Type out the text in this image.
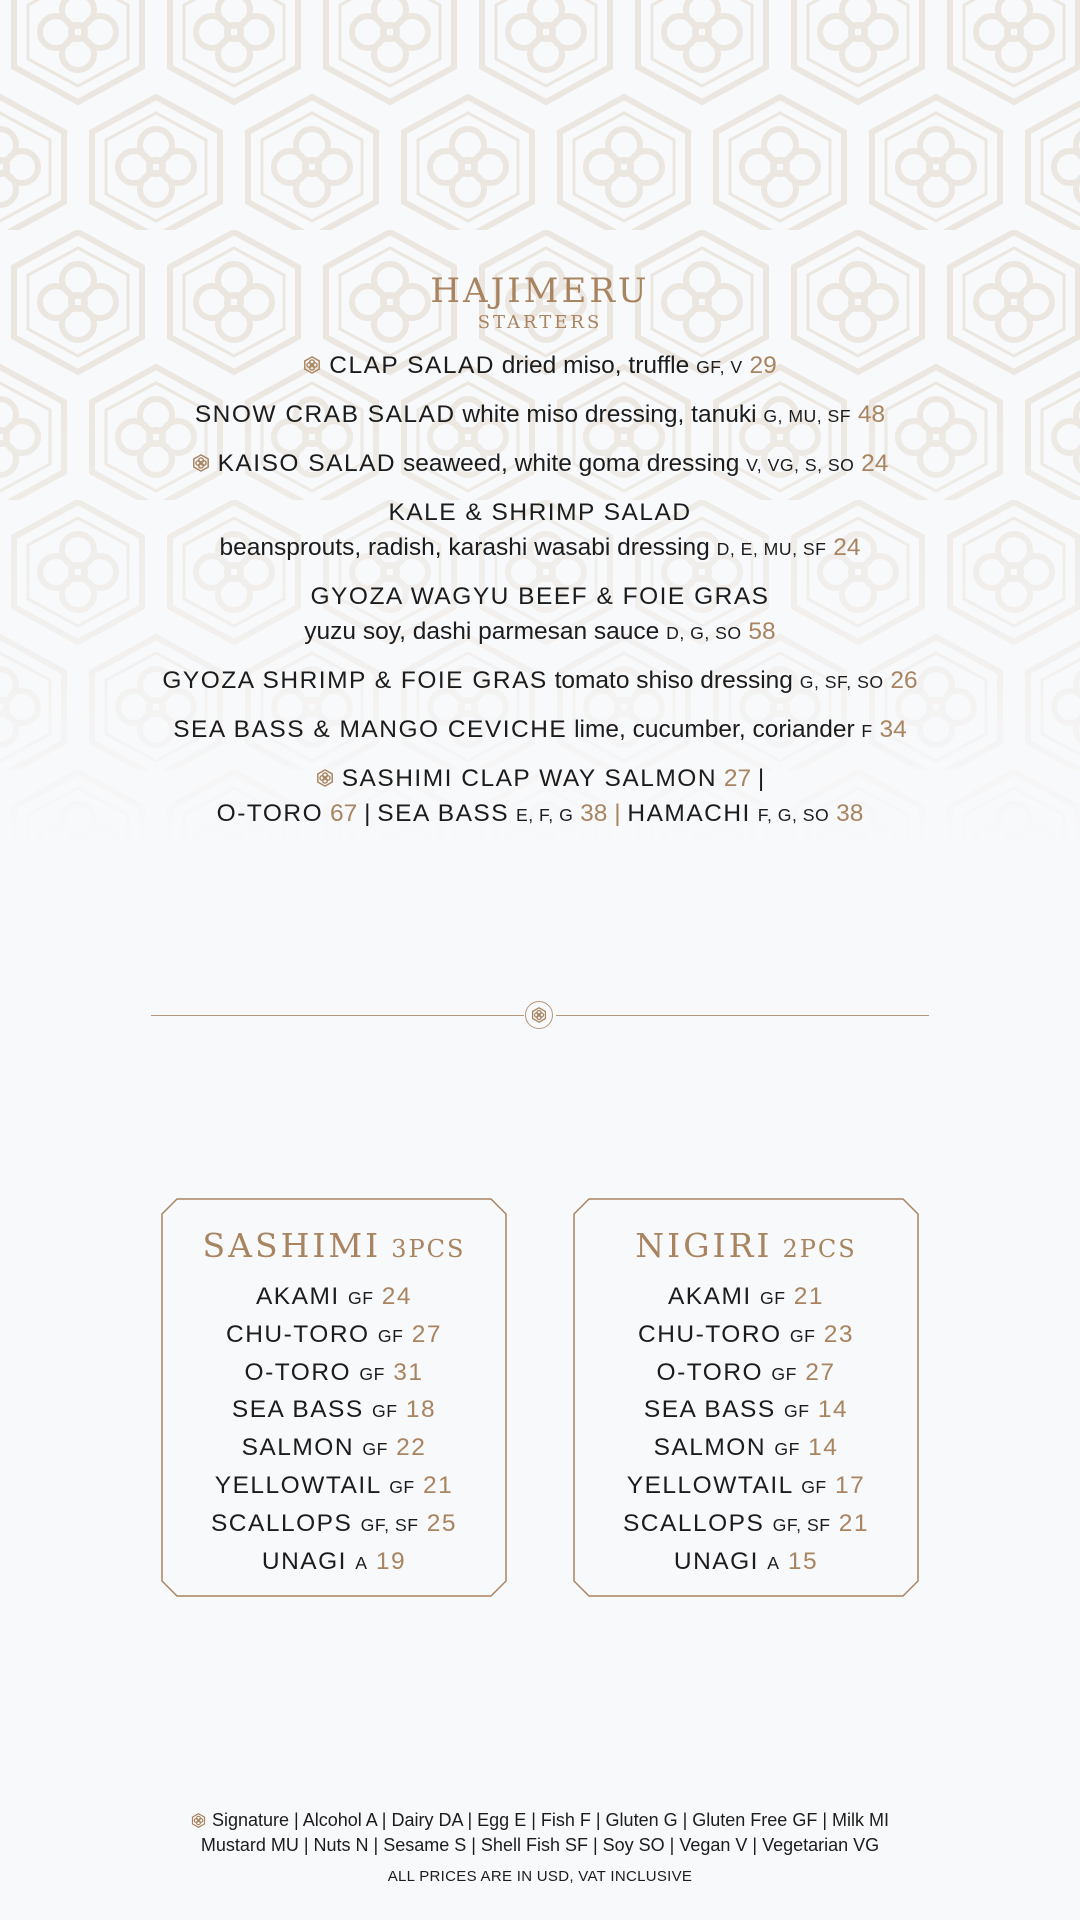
HAJIMERU
STARTERS

CLAP SALAD dried miso, truffle GF, V 29

SNOW CRAB SALAD white miso dressing, tanuki G, MU, SF 48

KAISO SALAD seaweed, white goma dressing V, VG, S, SO 24

KALE & SHRIMP SALAD

beansprouts, radish, karashi wasabi dressing D, E, MU, SF 24

GYOZA WAGYU BEEF & FOIE GRAS

yuzu soy, dashi parmesan sauce D, G, SO 58

GYOZA SHRIMP & FOIE GRAS tomato shiso dressing G, SF, SO 26

SEA BASS & MANGO CEVICHE lime, cucumber, coriander F 34

SASHIMI CLAP WAY SALMON 27 |

O-TORO 67 | SEA BASS E, F, G 38 | HAMACHI F, G, SO 38

SASHIMI 3PCS
AKAMI GF 24
CHU-TORO GF 27
O-TORO GF 31
SEA BASS GF 18
SALMON GF 22
YELLOWTAIL GF 21
SCALLOPS GF, SF 25
UNAGI A 19
NIGIRI 2PCS
AKAMI GF 21
CHU-TORO GF 23
O-TORO GF 27
SEA BASS GF 14
SALMON GF 14
YELLOWTAIL GF 17
SCALLOPS GF, SF 21
UNAGI A 15
Signature | Alcohol A | Dairy DA | Egg E | Fish F | Gluten G | Gluten Free GF | Milk MI
Mustard MU | Nuts N | Sesame S | Shell Fish SF | Soy SO | Vegan V | Vegetarian VG
ALL PRICES ARE IN USD, VAT INCLUSIVE
